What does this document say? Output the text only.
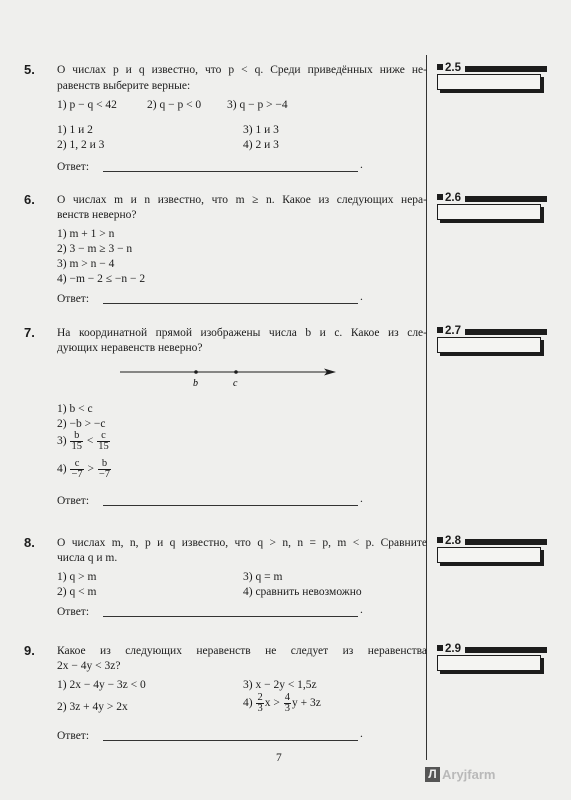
5. О числах p и q известно, что p < q. Среди приведённых ниже не-
равенств выберите верные:
1) p − q < 42	2) q − p < 0 3) q − p > −4
1) 1 и 2	3) 1 и 3
2) 1, 2 и 3	4) 2 и 3
Ответ:	.
2.5
6. О числах m и n известно, что m ≥ n. Какое из следующих нера-
венств неверно?
1) m + 1 > n
2) 3 − m ≥ 3 − n
3) m > n − 4
4) −m − 2 ≤ −n − 2
Ответ:	.
2.6
7. На координатной прямой изображены числа b и c. Какое из сле-
дующих неравенств неверно?
b	c
1) b < c
2) −b > −c
$3) \frac{b}{15} < \frac{c}{15}$
$4) \frac{c}{-7} > \frac{b}{-7}$
Ответ:	.
2.7
8. О числах m, n, p и q известно, что q > n, n = p, m < p. Сравните
числа q и m.
1) q > m	3) q = m
2) q < m	4) сравнить невозможно
Ответ:	.
2.8
9. Какое из следующих неравенств не следует из неравенства
2x − 4y < 3z?
1) 2x − 4y − 3z < 0	3) x − 2y < 1,5z
2) 3z + 4y > 2x	$4) \frac{2}{3}$ $x > \frac{4}{3}$ y + 3z
Ответ:	.
2.9
7
Л Aryjfarm
